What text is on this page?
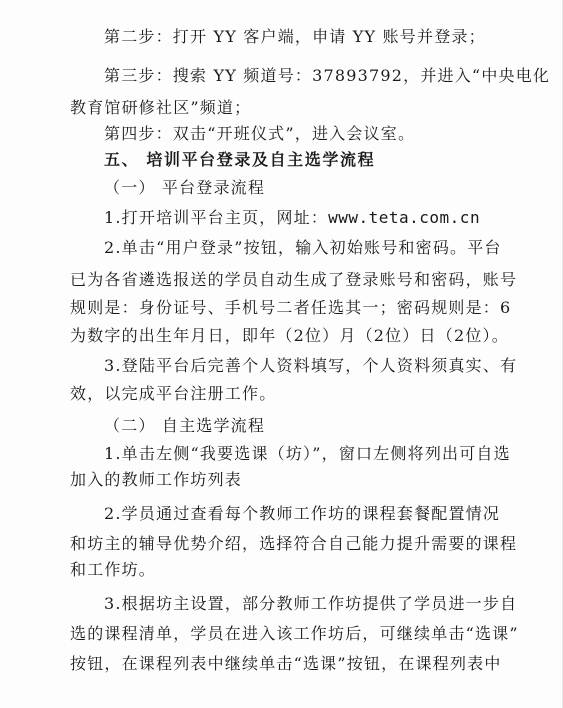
第二步：打开 YY 客户端，申请 YY 账号并登录；
第三步：搜索 YY 频道号：37893792，并进入“中央电化
教育馆研修社区”频道；
第四步：双击“开班仪式”，进入会议室。
五、 培训平台登录及自主选学流程
（一） 平台登录流程
1.打开培训平台主页，网址：www.teta.com.cn
2.单击“用户登录”按钮，输入初始账号和密码。平台
已为各省遴选报送的学员自动生成了登录账号和密码，账号
规则是：身份证号、手机号二者任选其一；密码规则是：6
为数字的出生年月日，即年（2位）月（2位）日（2位）。
3.登陆平台后完善个人资料填写，个人资料须真实、有
效，以完成平台注册工作。
（二） 自主选学流程
1.单击左侧“我要选课（坊）”，窗口左侧将列出可自选
加入的教师工作坊列表
2.学员通过查看每个教师工作坊的课程套餐配置情况
和坊主的辅导优势介绍，选择符合自己能力提升需要的课程
和工作坊。
3.根据坊主设置，部分教师工作坊提供了学员进一步自
选的课程清单，学员在进入该工作坊后，可继续单击“选课”
按钮，在课程列表中继续单击“选课”按钮，在课程列表中
